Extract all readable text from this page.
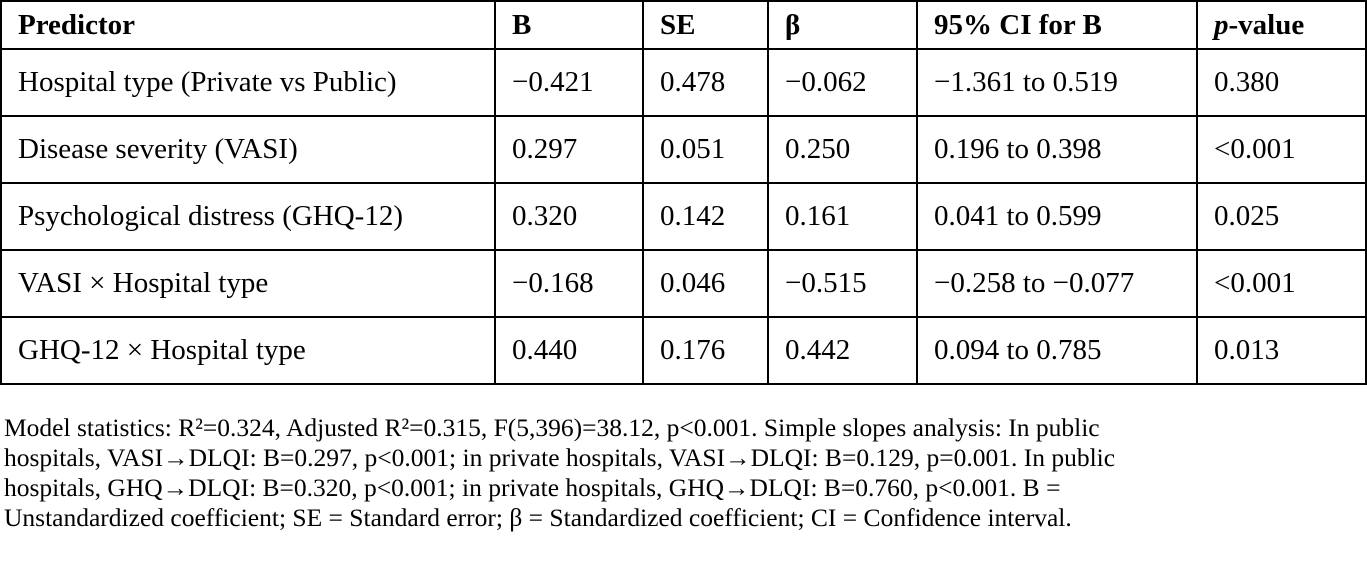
Predictor	B	SE	β	95% CI for B	p-value
Hospital type (Private vs Public)	−0.421	0.478	−0.062	−1.361 to 0.519	0.380
Disease severity (VASI)	0.297	0.051	0.250	0.196 to 0.398	<0.001
Psychological distress (GHQ-12)	0.320	0.142	0.161	0.041 to 0.599	0.025
VASI × Hospital type	−0.168	0.046	−0.515	−0.258 to −0.077	<0.001
GHQ-12 × Hospital type	0.440	0.176	0.442	0.094 to 0.785	0.013
Model statistics: R²=0.324, Adjusted R²=0.315, F(5,396)=38.12, p<0.001. Simple slopes analysis: In public
hospitals, VASI→DLQI: B=0.297, p<0.001; in private hospitals, VASI→DLQI: B=0.129, p=0.001. In public
hospitals, GHQ→DLQI: B=0.320, p<0.001; in private hospitals, GHQ→DLQI: B=0.760, p<0.001. B =
Unstandardized coefficient; SE = Standard error; β = Standardized coefficient; CI = Confidence interval.
